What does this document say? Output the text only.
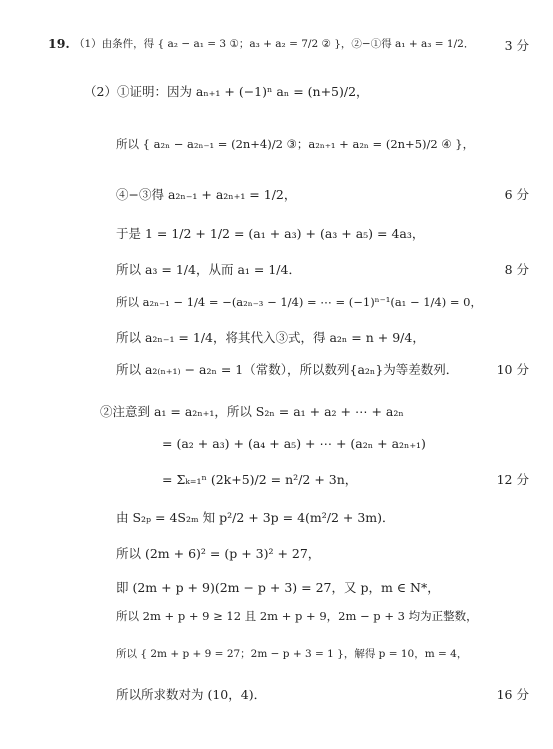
19. （1）由条件，得 { a₂ − a₁ = 3 ①；a₃ + a₂ = 7/2 ② }，②−①得 a₁ + a₃ = 1/2． 3 分
（2）①证明：因为 aₙ₊₁ + (−1)ⁿ aₙ = (n+5)/2，
所以 { a₂ₙ − a₂ₙ₋₁ = (2n+4)/2 ③；a₂ₙ₊₁ + a₂ₙ = (2n+5)/2 ④ }，
④−③得 a₂ₙ₋₁ + a₂ₙ₊₁ = 1/2，	6 分
于是 1 = 1/2 + 1/2 = (a₁ + a₃) + (a₃ + a₅) = 4a₃，
所以 a₃ = 1/4，从而 a₁ = 1/4．	8 分
所以 a₂ₙ₋₁ − 1/4 = −(a₂ₙ₋₃ − 1/4) = ⋯ = (−1)ⁿ⁻¹(a₁ − 1/4) = 0，
所以 a₂ₙ₋₁ = 1/4，将其代入③式，得 a₂ₙ = n + 9/4，
所以 a₂₍ₙ₊₁₎ − a₂ₙ = 1（常数），所以数列{a₂ₙ}为等差数列．	10 分
②注意到 a₁ = a₂ₙ₊₁，所以 S₂ₙ = a₁ + a₂ + ⋯ + a₂ₙ
= (a₂ + a₃) + (a₄ + a₅) + ⋯ + (a₂ₙ + a₂ₙ₊₁)
= Σₖ₌₁ⁿ (2k+5)/2 = n²/2 + 3n，	12 分
由 S₂ₚ = 4S₂ₘ 知 p²/2 + 3p = 4(m²/2 + 3m)．
所以 (2m + 6)² = (p + 3)² + 27，
即 (2m + p + 9)(2m − p + 3) = 27，又 p，m ∈ N*，
所以 2m + p + 9 ≥ 12 且 2m + p + 9，2m − p + 3 均为正整数，
所以 { 2m + p + 9 = 27；2m − p + 3 = 1 }，解得 p = 10，m = 4，
所以所求数对为 (10，4)．	16 分
